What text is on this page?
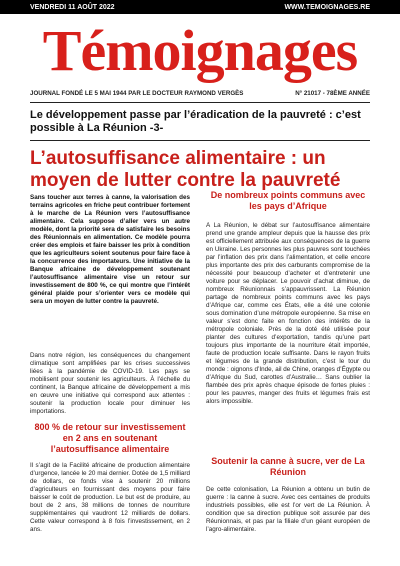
VENDREDI 11 AOÛT 2022	WWW.TEMOIGNAGES.RE
Témoignages
JOURNAL FONDÉ LE 5 MAI 1944 PAR LE DOCTEUR RAYMOND VERGÈS	N° 21017 - 78ÈME ANNÉE
Le développement passe par l’éradication de la pauvreté : c’est possible à La Réunion -3-
L’autosuffisance alimentaire : un moyen de lutter contre la pauvreté
Sans toucher aux terres à canne, la valorisation des terrains agricoles en friche peut contribuer fortement à le marche de La Réunion vers l’autosuffisance alimentaire. Cela suppose d’aller vers un autre modèle, dont la priorité sera de satisfaire les besoins des Réunionnais en alimentation. Ce modèle pourra créer des emplois et faire baisser les prix à condition que les agriculteurs soient soutenus pour faire face à la concurrence des importateurs. Une initiative de la Banque africaine de développement soutenant l’autosuffisance alimentaire vise un retour sur investissement de 800 %, ce qui montre que l’intérêt général plaide pour s’orienter vers ce modèle qui sera un moyen de lutter contre la pauvreté.
Dans notre région, les conséquences du changement climatique sont amplifiées par les crises successives liées à la pandémie de COVID-19. Les pays se mobilisent pour soutenir les agriculteurs. À l’échelle du continent, la Banque africaine de développement a mis en œuvre une initiative qui correspond aux attentes : soutenir la production locale pour diminuer les importations.
800 % de retour sur investissement en 2 ans en soutenant l’autosuffisance alimentaire
Il s’agit de la Facilité africaine de production alimentaire d’urgence, lancée le 20 mai dernier. Dotée de 1,5 milliard de dollars, ce fonds vise à soutenir 20 millions d’agriculteurs en fournissant des moyens pour faire baisser le coût de production. Le but est de produire, au bout de 2 ans, 38 millions de tonnes de nourriture supplémentaires qui vaudront 12 milliards de dollars. Cette valeur correspond à 8 fois l’investissement, en 2 ans.
De nombreux points communs avec les pays d’Afrique
À La Réunion, le débat sur l’autosuffisance alimentaire prend une grande ampleur depuis que la hausse des prix est officiellement attribuée aux conséquences de la guerre en Ukraine. Les personnes les plus pauvres sont touchées par l’inflation des prix dans l’alimentation, et celle encore plus importante des prix des carburants compromise de la nécessité pour beaucoup d’acheter et d’entretenir une voiture pour se déplacer. Le pouvoir d’achat diminue, de nombreux Réunionnais s’appauvrissent. La Réunion partage de nombreux points communs avec les pays d’Afrique car, comme ces États, elle a été une colonie sous domination d’une métropole européenne. Sa mise en valeur s’est donc faite en fonction des intérêts de la métropole coloniale. Près de la doté été utilisée pour planter des cultures d’exportation, tandis qu’une part toujours plus importante de la nourriture était importée, faute de production locale suffisante. Dans le rayon fruits et légumes de la grande distribution, c’est le tour du monde : oignons d’Inde, ail de Chine, oranges d’Égypte ou d’Afrique du Sud, carottes d’Australie… Sans oublier la flambée des prix après chaque épisode de fortes pluies : pour les pauvres, manger des fruits et légumes frais est alors impossible.
Soutenir la canne à sucre, ver de La Réunion
De cette colonisation, La Réunion a obtenu un butin de guerre : la canne à sucre. Avec ces centaines de produits industriels possibles, elle est l’or vert de La Réunion. À condition que sa direction publique soit assurée par des Réunionnais, et pas par la filiale d’un géant européen de l’agro-alimentaire.
